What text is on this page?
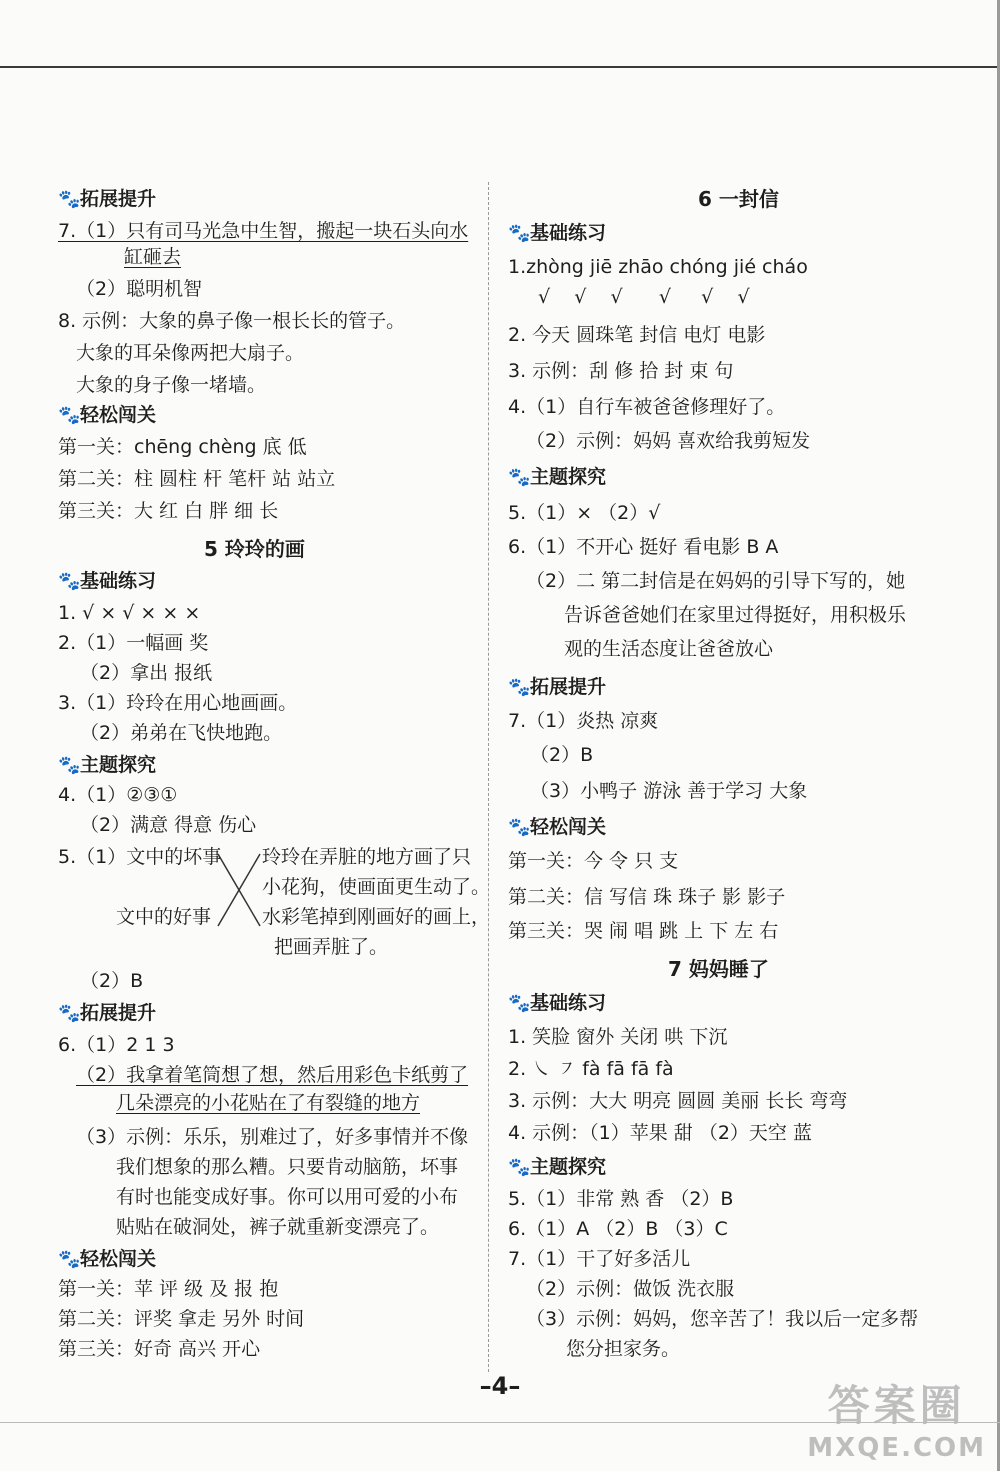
🐾拓展提升
7.（1）只有司马光急中生智，搬起一块石头向水
缸砸去
（2）聪明机智
8. 示例：大象的鼻子像一根长长的管子。
大象的耳朵像两把大扇子。
大象的身子像一堵墙。
🐾轻松闯关
第一关：chēng chèng 底 低
第二关：柱 圆柱 杆 笔杆 站 站立
第三关：大 红 白 胖 细 长
5 玲玲的画
🐾基础练习
1. √ × √ × × ×
2.（1）一幅画 奖
（2）拿出 报纸
3.（1）玲玲在用心地画画。
（2）弟弟在飞快地跑。
🐾主题探究
4.（1）②③①
（2）满意 得意 伤心
5.（1）文中的坏事
文中的好事
玲玲在弄脏的地方画了只
小花狗，使画面更生动了。
水彩笔掉到刚画好的画上，
把画弄脏了。
（2）B
🐾拓展提升
6.（1）2 1 3
（2）我拿着笔筒想了想，然后用彩色卡纸剪了
几朵漂亮的小花贴在了有裂缝的地方
（3）示例：乐乐，别难过了，好多事情并不像
我们想象的那么糟。只要肯动脑筋，坏事
有时也能变成好事。你可以用可爱的小布
贴贴在破洞处，裤子就重新变漂亮了。
🐾轻松闯关
第一关：苹 评 级 及 报 抱
第二关：评奖 拿走 另外 时间
第三关：好奇 高兴 开心
6 一封信
🐾基础练习
1.zhòng jiē zhāo chóng jié cháo
√    √    √      √     √    √
2. 今天 圆珠笔 封信 电灯 电影
3. 示例：刮 修 拾 封 束 句
4.（1）自行车被爸爸修理好了。
（2）示例：妈妈 喜欢给我剪短发
🐾主题探究
5.（1）× （2）√
6.（1）不开心 挺好 看电影 B A
（2）二 第二封信是在妈妈的引导下写的，她
告诉爸爸她们在家里过得挺好，用积极乐
观的生活态度让爸爸放心
🐾拓展提升
7.（1）炎热 凉爽
（2）B
（3）小鸭子 游泳 善于学习 大象
🐾轻松闯关
第一关：今 令 只 支
第二关：信 写信 珠 珠子 影 影子
第三关：哭 闹 唱 跳 上 下 左 右
7 妈妈睡了
🐾基础练习
1. 笑脸 窗外 关闭 哄 下沉
2. ㇏ ㇇ fà fā fā fà
3. 示例：大大 明亮 圆圆 美丽 长长 弯弯
4. 示例：（1）苹果 甜 （2）天空 蓝
🐾主题探究
5.（1）非常 熟 香 （2）B
6.（1）A （2）B （3）C
7.（1）干了好多活儿
（2）示例：做饭 洗衣服
（3）示例：妈妈，您辛苦了！我以后一定多帮
您分担家务。
–4–	答案圈
MXQE.COM
